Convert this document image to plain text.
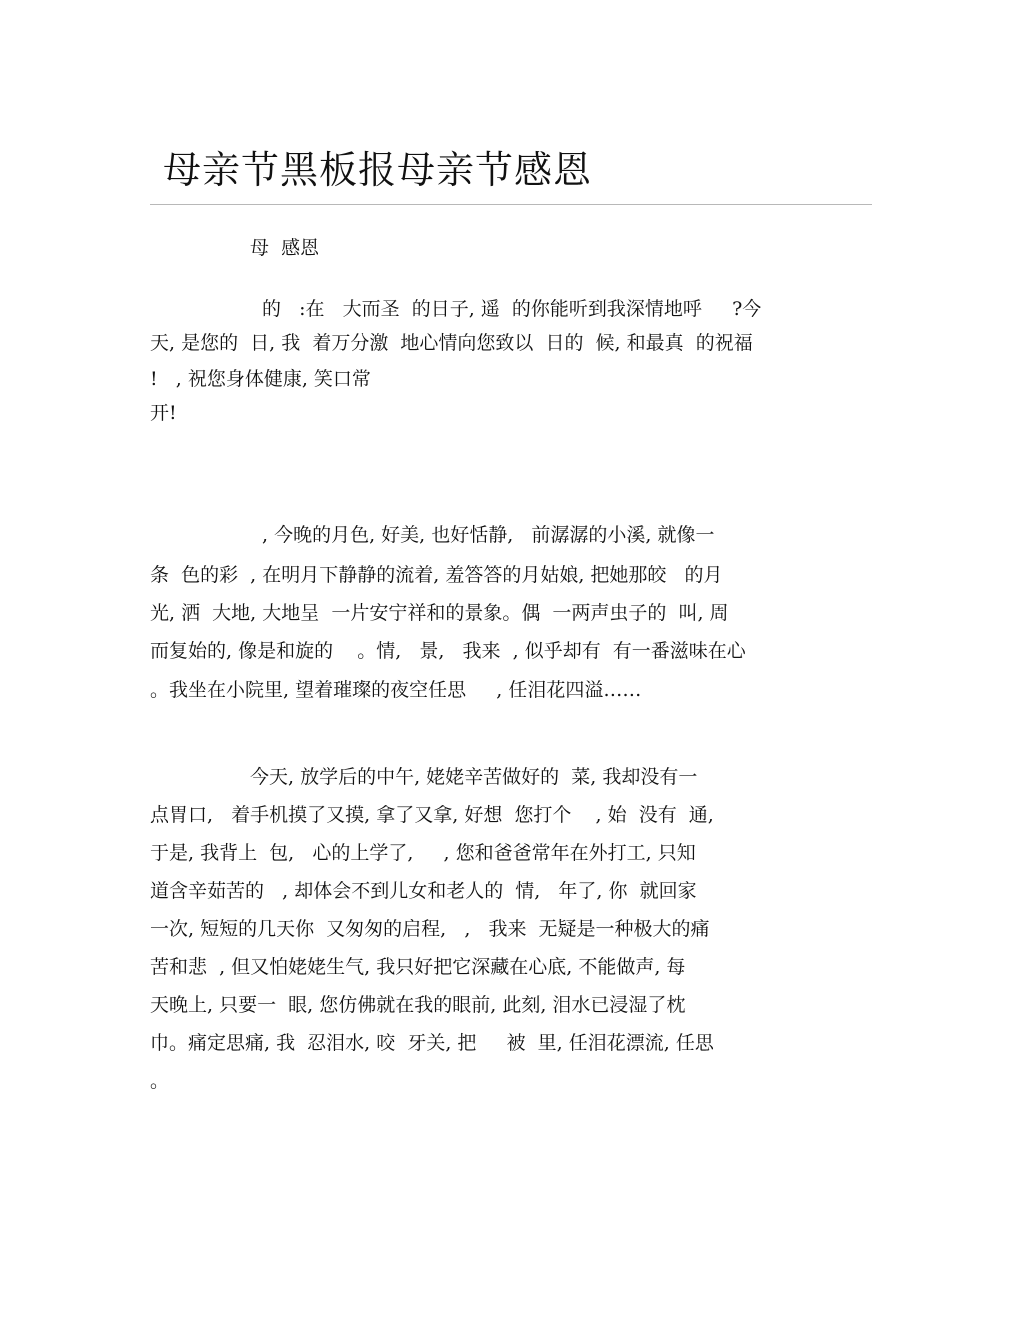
母亲节黑板报母亲节感恩
母  感恩
的   :在   大而圣  的日子, 遥  的你能听到我深情地呼     ?今
天, 是您的  日, 我  着万分激  地心情向您致以  日的  候, 和最真  的祝福
!   , 祝您身体健康, 笑口常
开!
, 今晚的月色, 好美, 也好恬静,   前潺潺的小溪, 就像一
条  色的彩  , 在明月下静静的流着, 羞答答的月姑娘, 把她那皎   的月
光, 洒  大地, 大地呈  一片安宁祥和的景象。偶  一两声虫子的  叫, 周
而复始的, 像是和旋的    。情,   景,   我来  , 似乎却有  有一番滋味在心
。我坐在小院里, 望着璀璨的夜空任思     , 任泪花四溢……
今天, 放学后的中午, 姥姥辛苦做好的  菜, 我却没有一
点胃口,   着手机摸了又摸, 拿了又拿, 好想  您打个    , 始  没有  通,
于是, 我背上  包,   心的上学了,     , 您和爸爸常年在外打工, 只知
道含辛茹苦的   , 却体会不到儿女和老人的  情,   年了, 你  就回家
一次, 短短的几天你  又匆匆的启程,   ,   我来  无疑是一种极大的痛
苦和悲  , 但又怕姥姥生气, 我只好把它深藏在心底, 不能做声, 每
天晚上, 只要一  眼, 您仿佛就在我的眼前, 此刻, 泪水已浸湿了枕
巾。痛定思痛, 我  忍泪水, 咬  牙关, 把     被  里, 任泪花漂流, 任思
。
